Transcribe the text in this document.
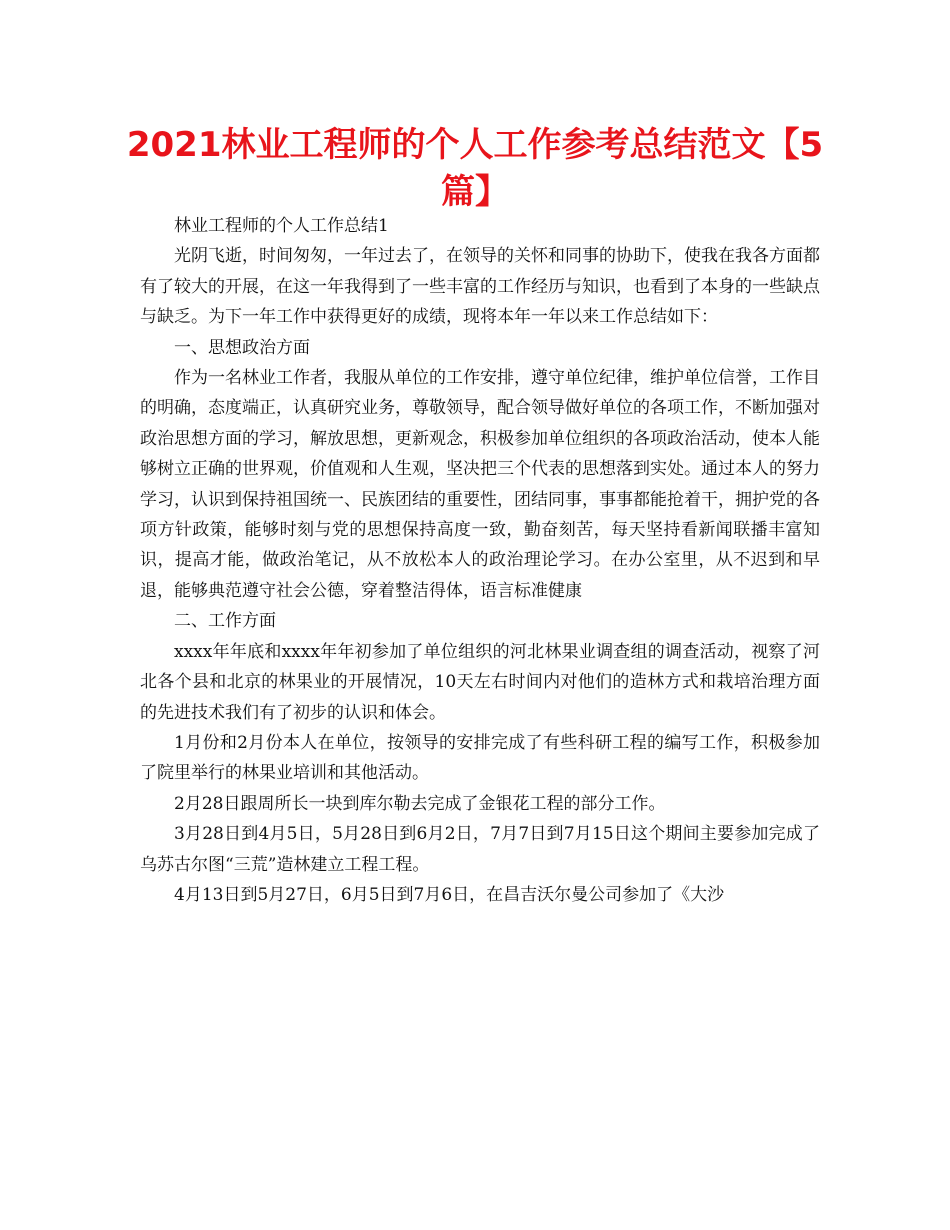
2021林业工程师的个人工作参考总结范文【5篇】

林业工程师的个人工作总结1

光阴飞逝，时间匆匆，一年过去了，在领导的关怀和同事的协助下，使我在我各方面都有了较大的开展，在这一年我得到了一些丰富的工作经历与知识，也看到了本身的一些缺点与缺乏。为下一年工作中获得更好的成绩，现将本年一年以来工作总结如下：

一、思想政治方面

作为一名林业工作者，我服从单位的工作安排，遵守单位纪律，维护单位信誉，工作目的明确，态度端正，认真研究业务，尊敬领导，配合领导做好单位的各项工作，不断加强对政治思想方面的学习，解放思想，更新观念，积极参加单位组织的各项政治活动，使本人能够树立正确的世界观，价值观和人生观，坚决把三个代表的思想落到实处。通过本人的努力学习，认识到保持祖国统一、民族团结的重要性，团结同事，事事都能抢着干，拥护党的各项方针政策，能够时刻与党的思想保持高度一致，勤奋刻苦，每天坚持看新闻联播丰富知识，提高才能，做政治笔记，从不放松本人的政治理论学习。在办公室里，从不迟到和早退，能够典范遵守社会公德，穿着整洁得体，语言标准健康

二、工作方面

xxxx年年底和xxxx年年初参加了单位组织的河北林果业调查组的调查活动，视察了河北各个县和北京的林果业的开展情况，10天左右时间内对他们的造林方式和栽培治理方面的先进技术我们有了初步的认识和体会。

1月份和2月份本人在单位，按领导的安排完成了有些科研工程的编写工作，积极参加了院里举行的林果业培训和其他活动。

2月28日跟周所长一块到库尔勒去完成了金银花工程的部分工作。

3月28日到4月5日，5月28日到6月2日，7月7日到7月15日这个期间主要参加完成了乌苏古尔图“三荒”造林建立工程工程。

4月13日到5月27日，6月5日到7月6日，在昌吉沃尔曼公司参加了《大沙
